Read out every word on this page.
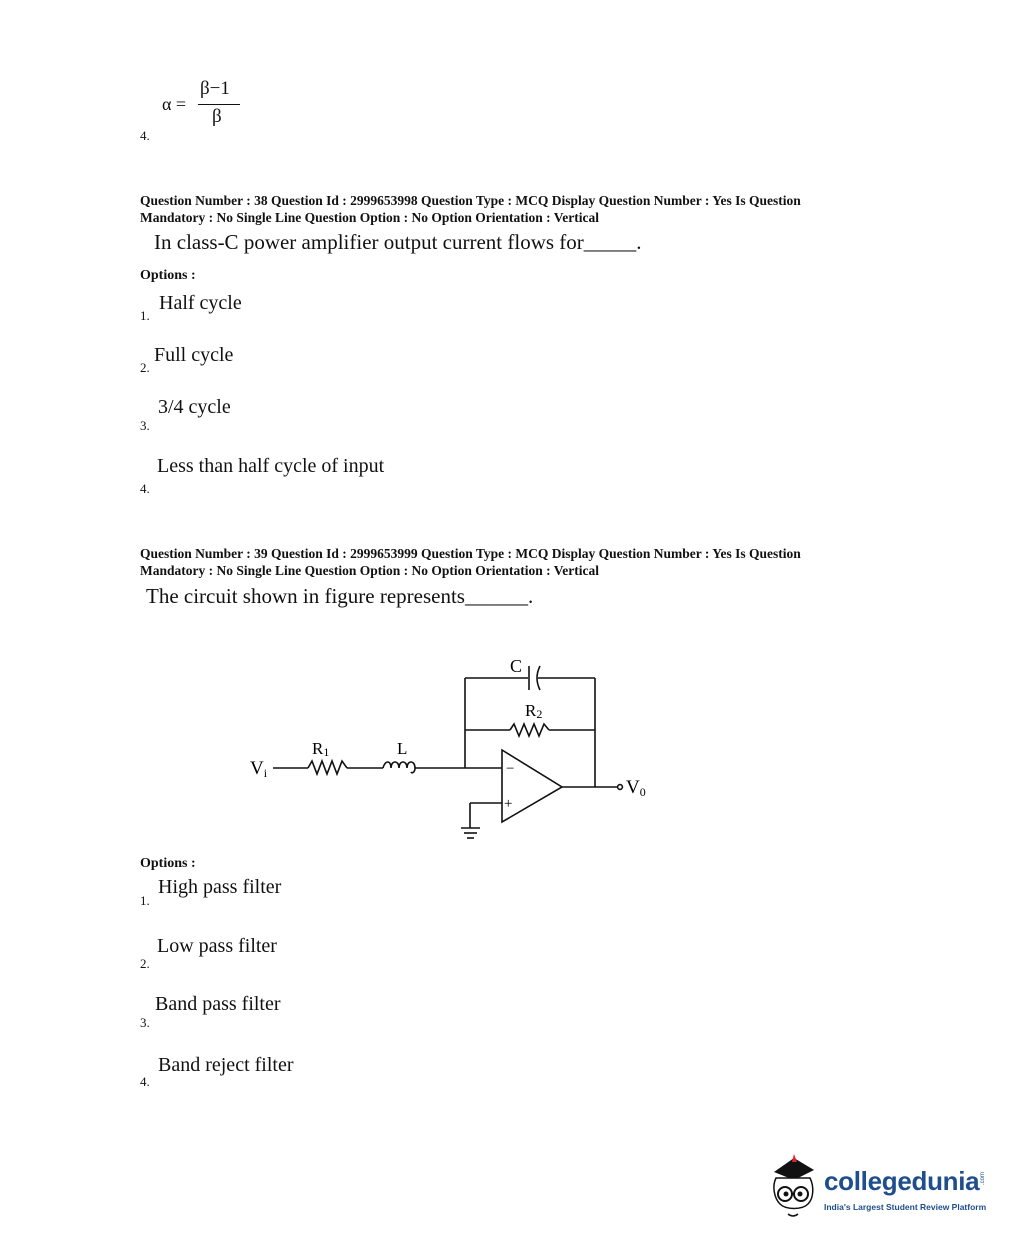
α =
β−1
β
4.
Question Number : 38 Question Id : 2999653998 Question Type : MCQ Display Question Number : Yes Is Question
Mandatory : No Single Line Question Option : No Option Orientation : Vertical
In class-C power amplifier output current flows for_____.
Options :
Half cycle
1.
Full cycle
2.
3/4 cycle
3.
Less than half cycle of input
4.
Question Number : 39 Question Id : 2999653999 Question Type : MCQ Display Question Number : Yes Is Question
Mandatory : No Single Line Question Option : No Option Orientation : Vertical
The circuit shown in figure represents______.
Vi
R1	L
C
R2
−
+
V0
Options :
High pass filter
1.
Low pass filter
2.
Band pass filter
3.
Band reject filter
4.
collegedunia .com
India's Largest Student Review Platform
